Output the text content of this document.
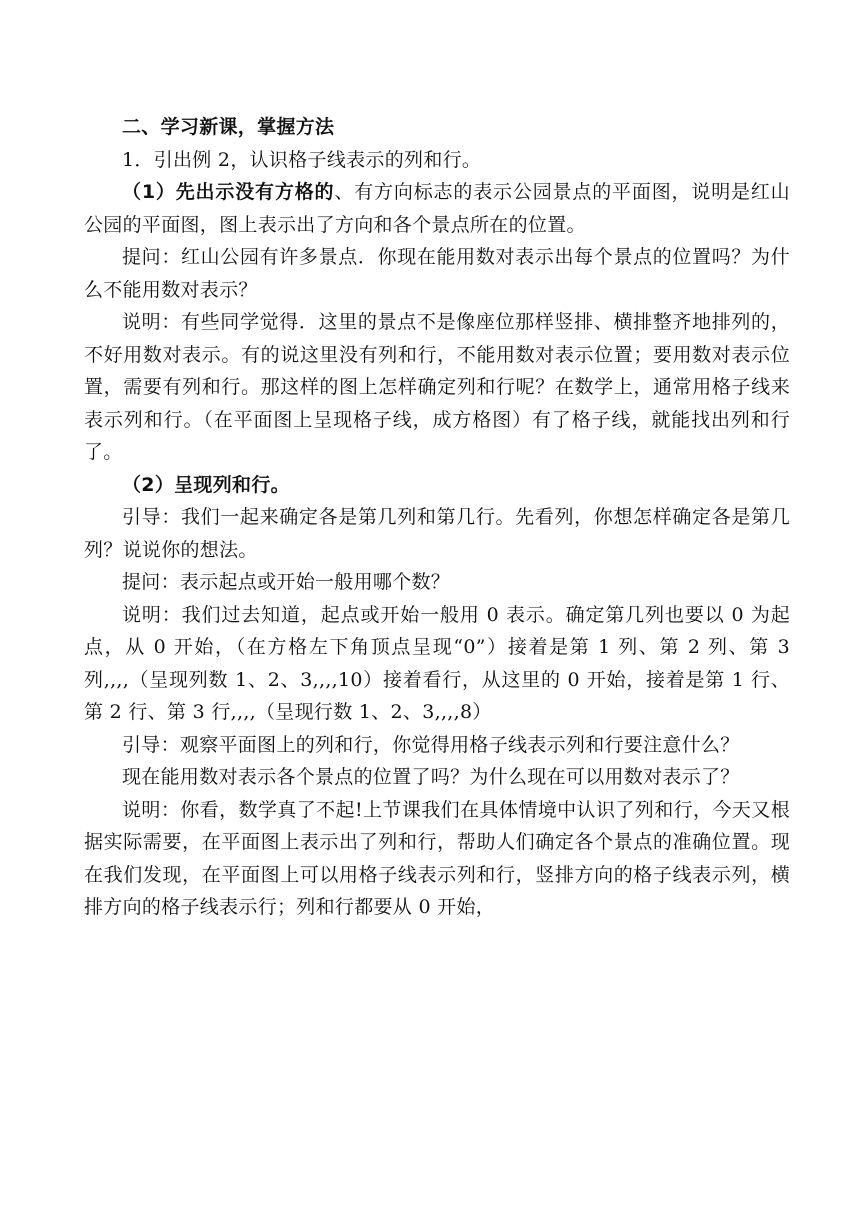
二、学习新课，掌握方法

1．引出例 2，认识格子线表示的列和行。

（1）先出示没有方格的、有方向标志的表示公园景点的平面图，说明是红山公园的平面图，图上表示出了方向和各个景点所在的位置。

提问：红山公园有许多景点．你现在能用数对表示出每个景点的位置吗？为什么不能用数对表示？

说明：有些同学觉得．这里的景点不是像座位那样竖排、横排整齐地排列的，不好用数对表示。有的说这里没有列和行，不能用数对表示位置；要用数对表示位置，需要有列和行。那这样的图上怎样确定列和行呢？在数学上，通常用格子线来表示列和行。（在平面图上呈现格子线，成方格图）有了格子线，就能找出列和行了。

（2）呈现列和行。

引导：我们一起来确定各是第几列和第几行。先看列，你想怎样确定各是第几列？说说你的想法。

提问：表示起点或开始一般用哪个数？

说明：我们过去知道，起点或开始一般用 0 表示。确定第几列也要以 0 为起点，从 0 开始，（在方格左下角顶点呈现“0”）接着是第 1 列、第 2 列、第 3 列,,,,（呈现列数 1、2、3,,,,10）接着看行，从这里的 0 开始，接着是第 1 行、第 2 行、第 3 行,,,,（呈现行数 1、2、3,,,,8）

引导：观察平面图上的列和行，你觉得用格子线表示列和行要注意什么？

现在能用数对表示各个景点的位置了吗？为什么现在可以用数对表示了？

说明：你看，数学真了不起!上节课我们在具体情境中认识了列和行，今天又根据实际需要，在平面图上表示出了列和行，帮助人们确定各个景点的准确位置。现在我们发现，在平面图上可以用格子线表示列和行，竖排方向的格子线表示列，横排方向的格子线表示行；列和行都要从 0 开始，
